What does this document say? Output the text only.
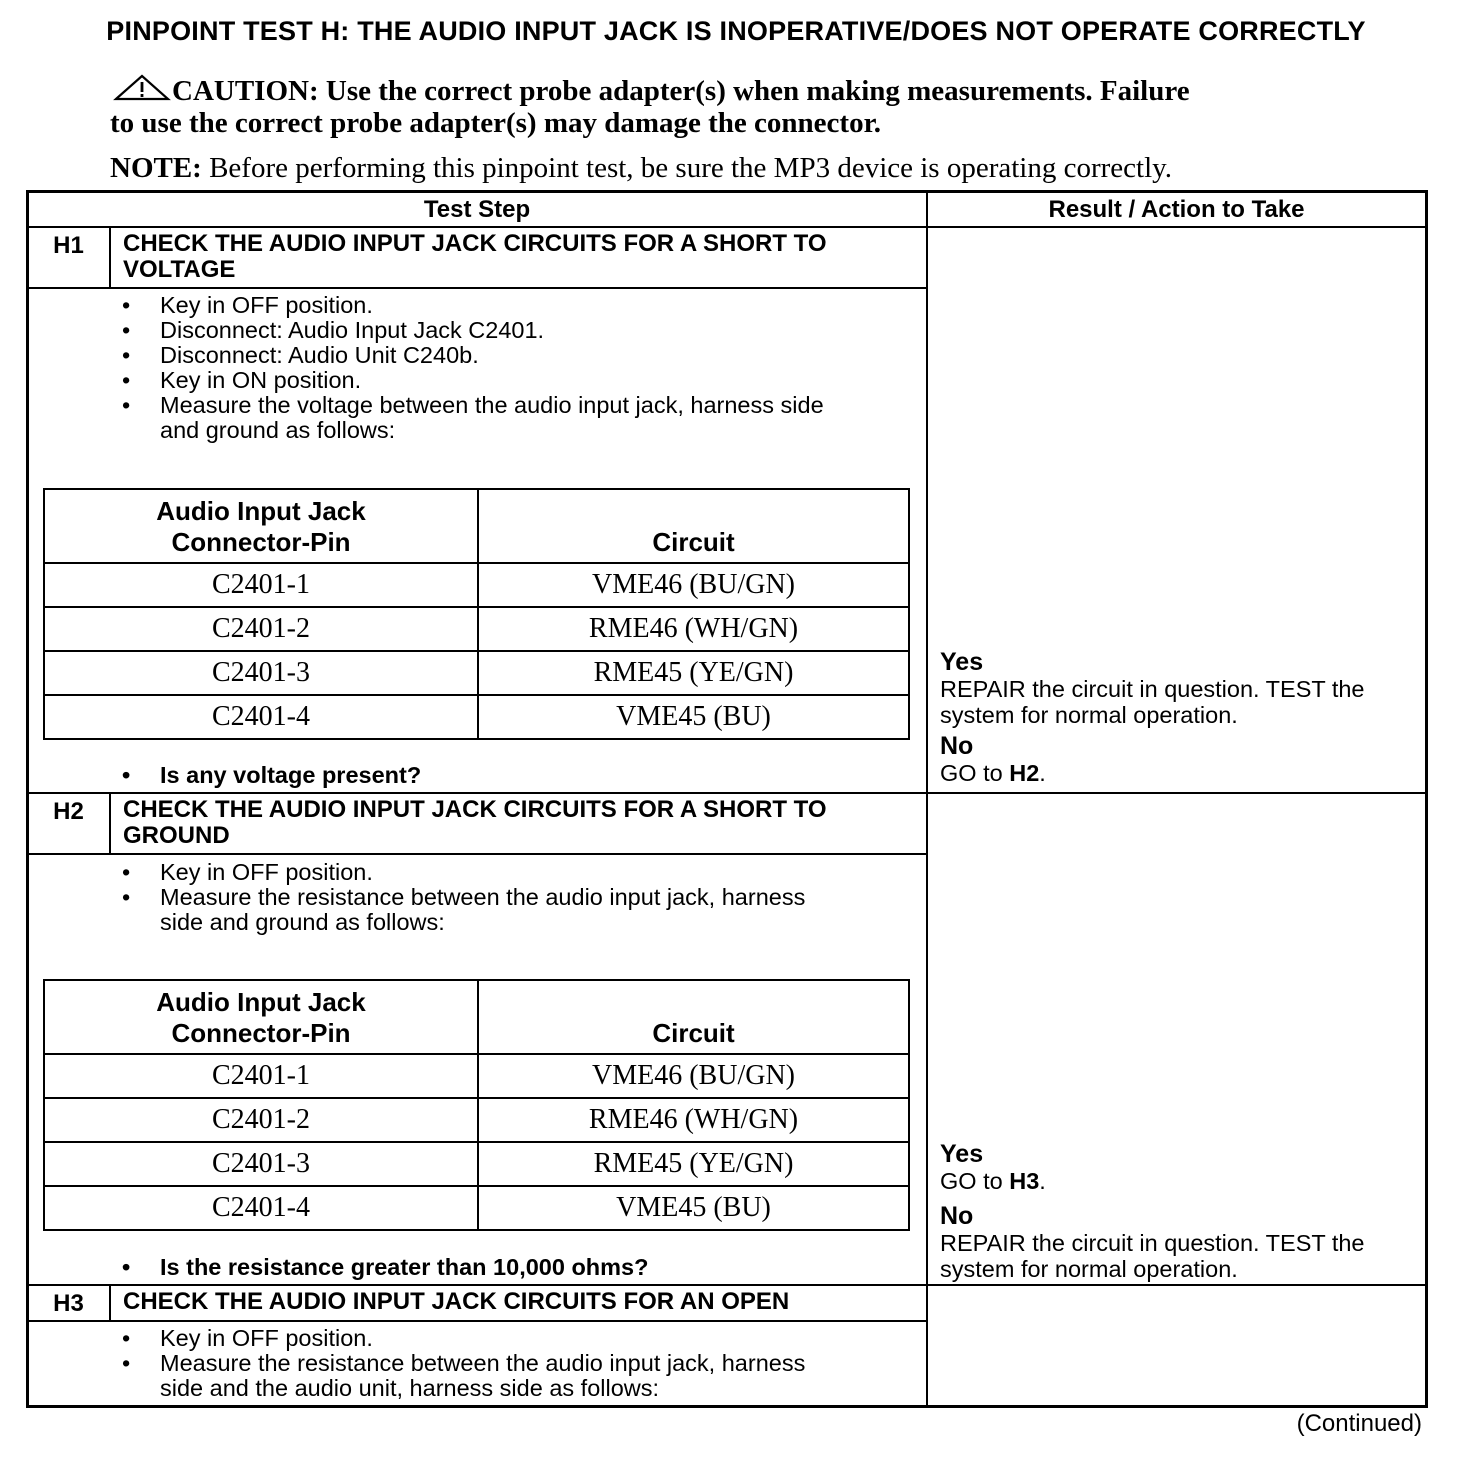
PINPOINT TEST H: THE AUDIO INPUT JACK IS INOPERATIVE/DOES NOT OPERATE CORRECTLY
CAUTION: Use the correct probe adapter(s) when making measurements. Failure
to use the correct probe adapter(s) may damage the connector.
NOTE: Before performing this pinpoint test, be sure the MP3 device is operating correctly.
Test Step	Result / Action to Take
H1	CHECK THE AUDIO INPUT JACK CIRCUITS FOR A SHORT TO
VOLTAGE
• Key in OFF position.
• Disconnect: Audio Input Jack C2401.
• Disconnect: Audio Unit C240b.
• Key in ON position.
• Measure the voltage between the audio input jack, harness side
and ground as follows:
Audio Input Jack
Connector-Pin	Circuit
C2401-1	VME46 (BU/GN)
C2401-2	RME46 (WH/GN)
C2401-3	RME45 (YE/GN)
C2401-4	VME45 (BU)
• Is any voltage present?
Yes
REPAIR the circuit in question. TEST the
system for normal operation.
No
GO to H2.
H2	CHECK THE AUDIO INPUT JACK CIRCUITS FOR A SHORT TO
GROUND
• Key in OFF position.
• Measure the resistance between the audio input jack, harness
side and ground as follows:
Audio Input Jack
Connector-Pin	Circuit
C2401-1	VME46 (BU/GN)
C2401-2	RME46 (WH/GN)
C2401-3	RME45 (YE/GN)
C2401-4	VME45 (BU)
• Is the resistance greater than 10,000 ohms?
Yes
GO to H3.
No
REPAIR the circuit in question. TEST the
system for normal operation.
H3	CHECK THE AUDIO INPUT JACK CIRCUITS FOR AN OPEN
• Key in OFF position.
• Measure the resistance between the audio input jack, harness
side and the audio unit, harness side as follows:
(Continued)
